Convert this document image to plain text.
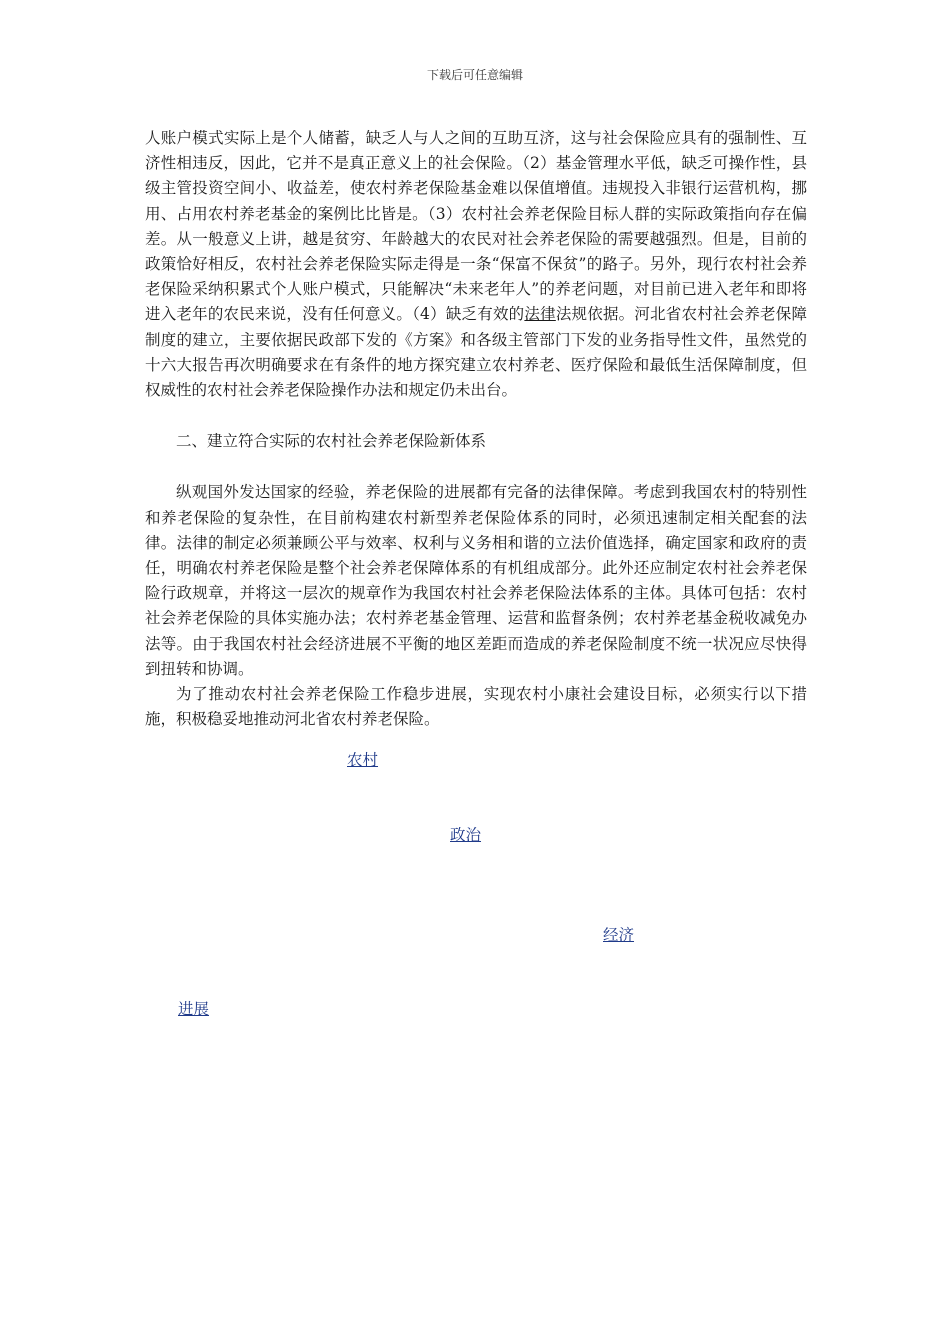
下载后可任意编辑

人账户模式实际上是个人储蓄，缺乏人与人之间的互助互济，这与社会保险应具有的强制性、互济性相违反，因此，它并不是真正意义上的社会保险。（2）基金管理水平低，缺乏可操作性，县级主管投资空间小、收益差，使农村养老保险基金难以保值增值。违规投入非银行运营机构，挪用、占用农村养老基金的案例比比皆是。（3）农村社会养老保险目标人群的实际政策指向存在偏差。从一般意义上讲，越是贫穷、年龄越大的农民对社会养老保险的需要越强烈。但是，目前的政策恰好相反，农村社会养老保险实际走得是一条“保富不保贫”的路子。另外，现行农村社会养老保险采纳积累式个人账户模式，只能解决“未来老年人”的养老问题，对目前已进入老年和即将进入老年的农民来说，没有任何意义。（4）缺乏有效的法律法规依据。河北省农村社会养老保障制度的建立，主要依据民政部下发的《方案》和各级主管部门下发的业务指导性文件，虽然党的十六大报告再次明确要求在有条件的地方探究建立农村养老、医疗保险和最低生活保障制度，但权威性的农村社会养老保险操作办法和规定仍未出台。

二、建立符合实际的农村社会养老保险新体系

纵观国外发达国家的经验，养老保险的进展都有完备的法律保障。考虑到我国农村的特别性和养老保险的复杂性，在目前构建农村新型养老保险体系的同时，必须迅速制定相关配套的法律。法律的制定必须兼顾公平与效率、权利与义务相和谐的立法价值选择，确定国家和政府的责任，明确农村养老保险是整个社会养老保障体系的有机组成部分。此外还应制定农村社会养老保险行政规章，并将这一层次的规章作为我国农村社会养老保险法体系的主体。具体可包括：农村社会养老保险的具体实施办法；农村养老基金管理、运营和监督条例；农村养老基金税收减免办法等。由于我国农村社会经济进展不平衡的地区差距而造成的养老保险制度不统一状况应尽快得到扭转和协调。

为了推动农村社会养老保险工作稳步进展，实现农村小康社会建设目标，必须实行以下措施，积极稳妥地推动河北省农村养老保险。

农村
政治
经济
进展
